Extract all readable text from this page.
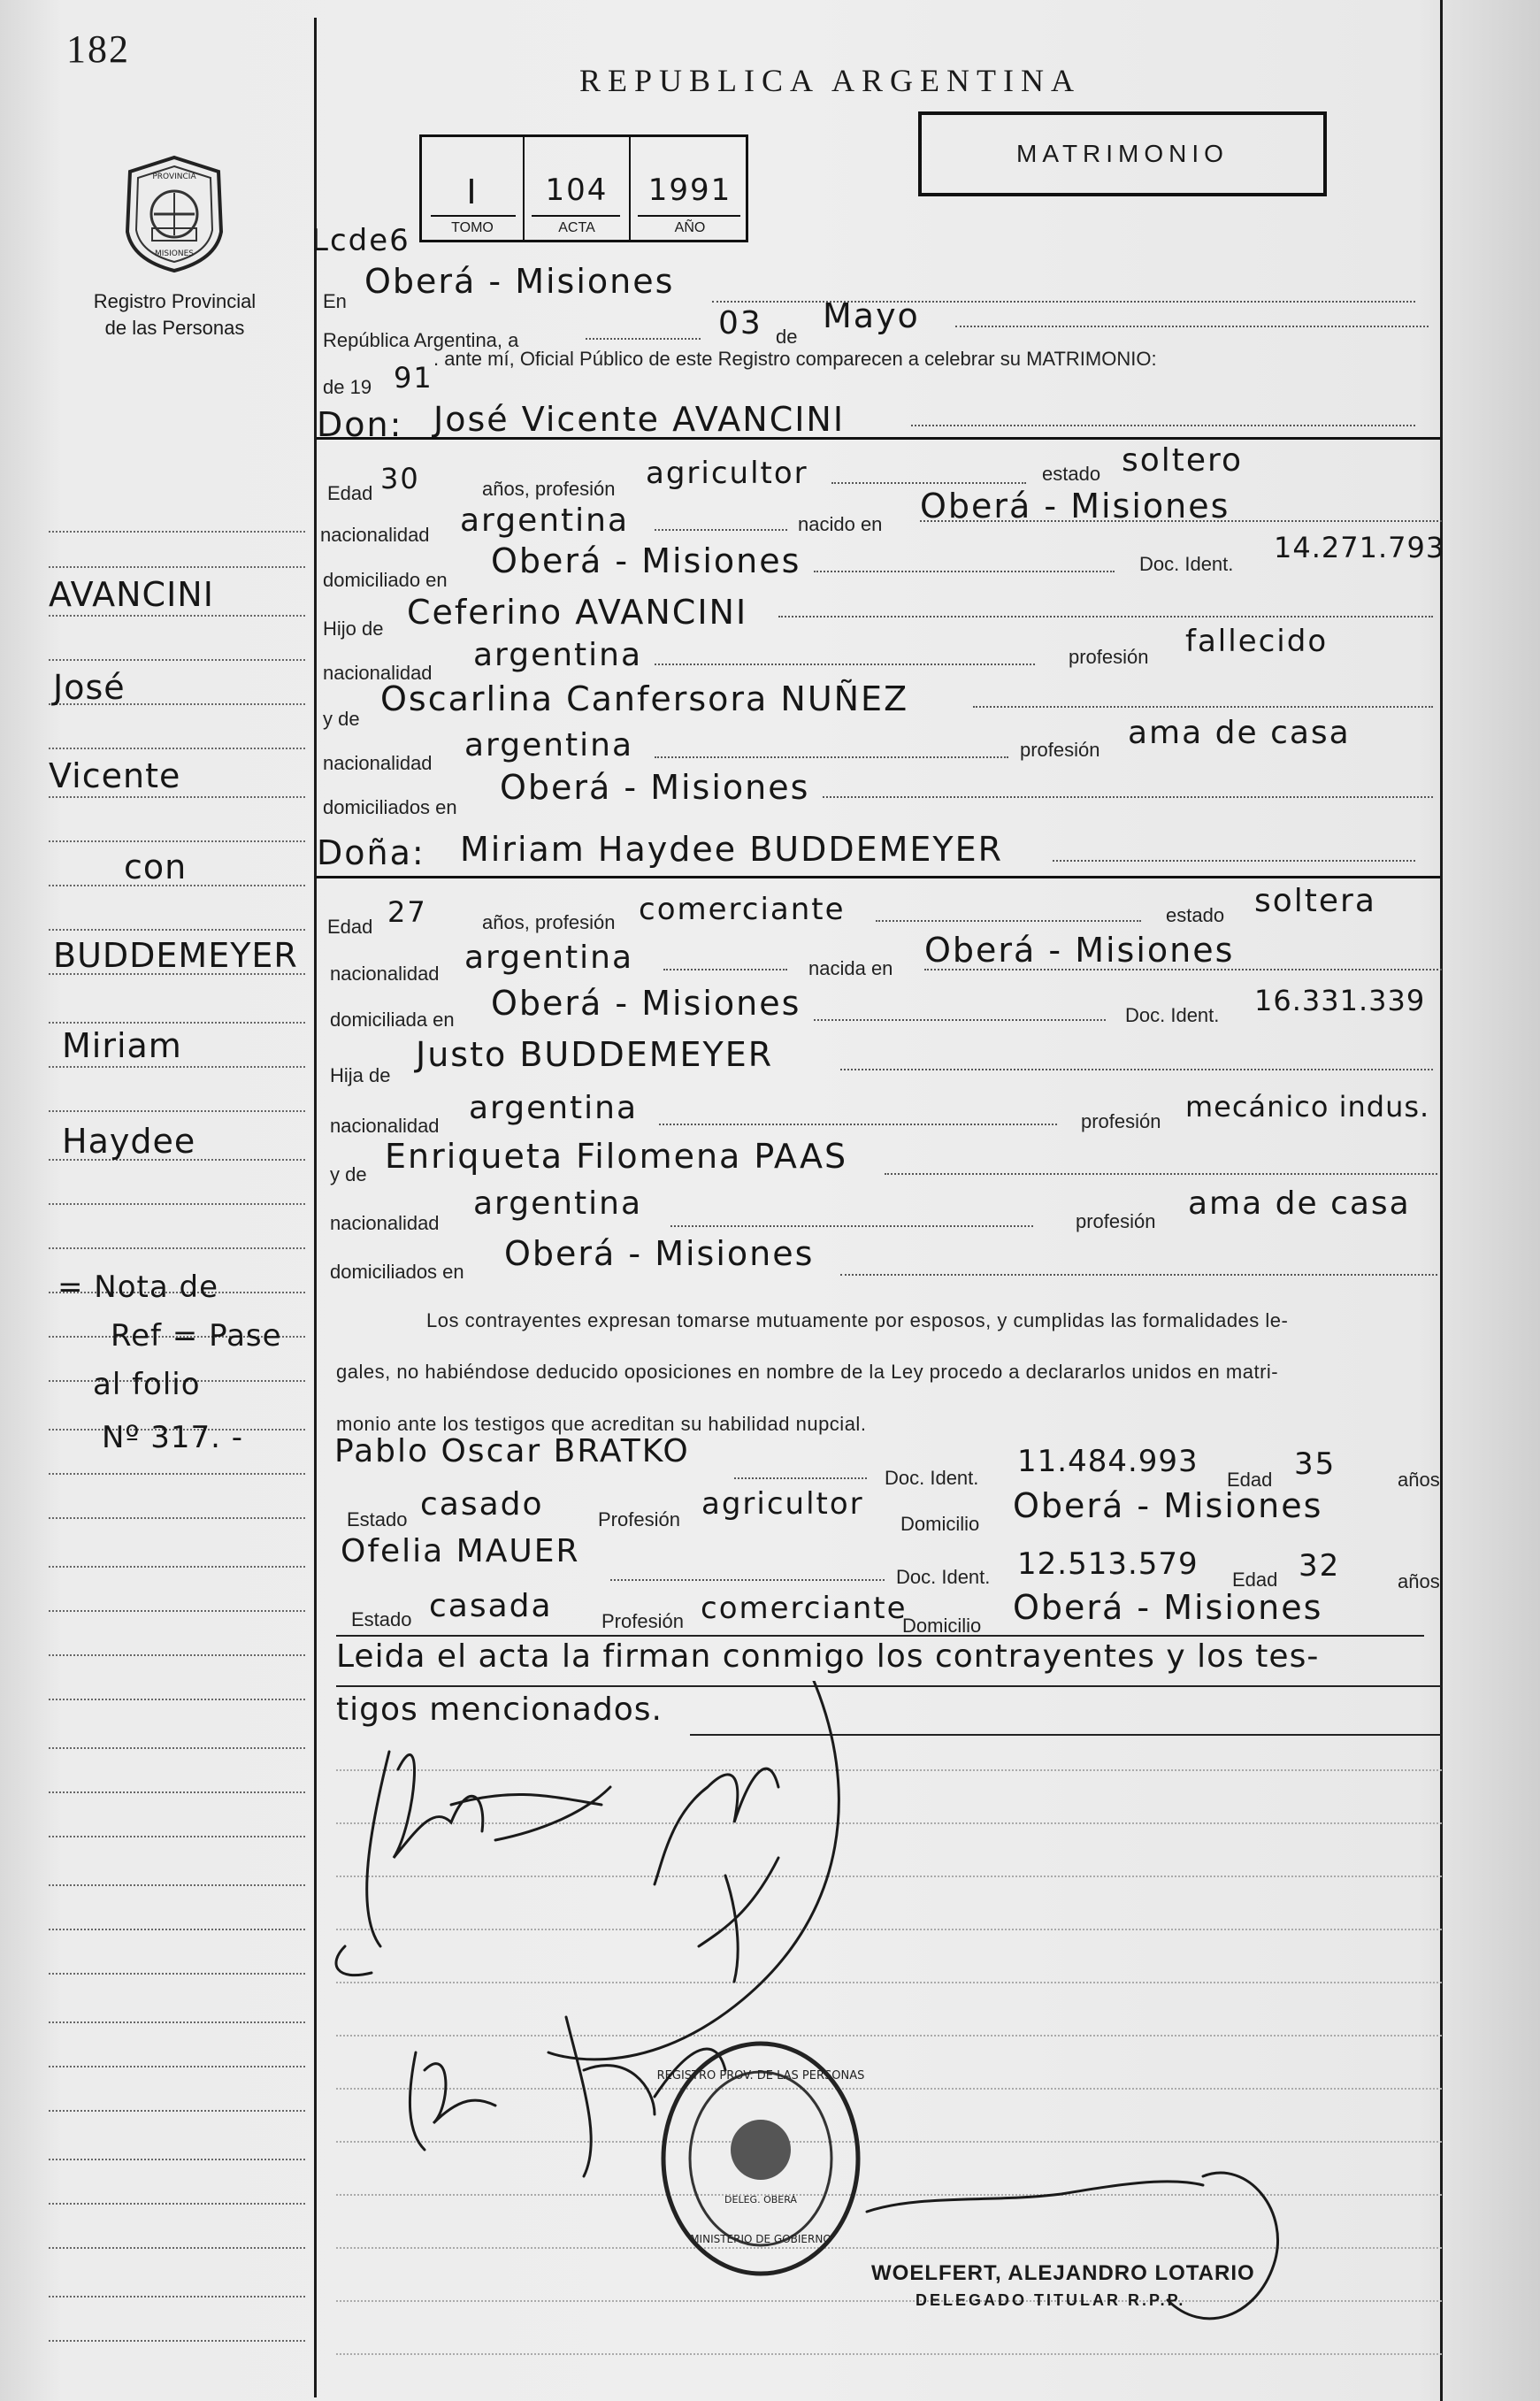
182
PROVINCIA
MISIONES
Registro Provincial
de las Personas
REPUBLICA ARGENTINA
MATRIMONIO
I	104	1991
TOMO	ACTA	AÑO
Lcde6
En
Oberá - Misiones
República Argentina, a	03 de
Mayo
de 19 91
. ante mí, Oficial Público de este Registro comparecen a celebrar su MATRIMONIO:
Don: José Vicente AVANCINI
Edad 30	años, profesión agricultor	estado soltero
nacionalidad argentina	nacido en Oberá - Misiones
domiciliado en Oberá - Misiones	Doc. Ident. 14.271.793
Hijo de Ceferino AVANCINI
nacionalidad argentina	profesión fallecido
y de
Oscarlina Canfersora NUÑEZ
nacionalidad argentina	profesión ama de casa
domiciliados en
Oberá - Misiones
Doña: Miriam Haydee BUDDEMEYER
Edad 27	años, profesión comerciante	estado soltera
nacionalidad argentina	nacida en Oberá - Misiones
domiciliada en Oberá - Misiones	Doc. Ident. 16.331.339
Hija de
Justo BUDDEMEYER
nacionalidad argentina	profesión mecánico indus.
y de Enriqueta Filomena PAAS
nacionalidad
argentina	profesión ama de casa
domiciliados en Oberá - Misiones
Los contrayentes expresan tomarse mutuamente por esposos, y cumplidas las formalidades le-
gales, no habiéndose deducido oposiciones en nombre de la Ley procedo a declararlos unidos en matri-
monio ante los testigos que acreditan su habilidad nupcial.
Pablo Oscar BRATKO
Doc. Ident. 11.484.993
Edad 35	años
Estado casado	Profesión agricultor
Domicilio Oberá - Misiones
Ofelia MAUER
Doc. Ident. 12.513.579 Edad 32	años
Estado casada	Profesión comerciante
Domicilio Oberá - Misiones
Leida el acta la firman conmigo los contrayentes y los tes-
tigos mencionados.
REGISTRO PROV. DE LAS PERSONAS
MINISTERIO DE GOBIERNO
DELEG. OBERÁ
WOELFERT, ALEJANDRO LOTARIO
DELEGADO TITULAR R.P.P.
AVANCINI
José
Vicente
con
BUDDEMEYER
Miriam
Haydee
= Nota de
Ref = Pase
al folio
Nº 317. -
